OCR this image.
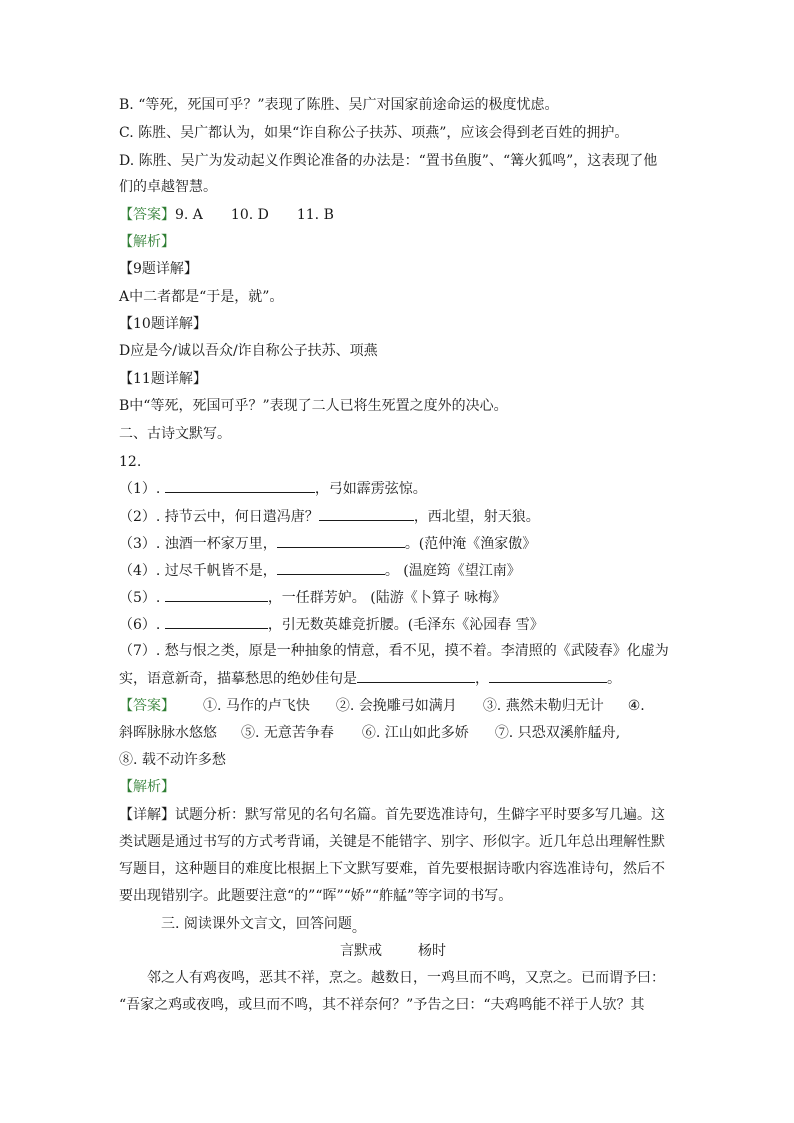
B. “等死，死国可乎？”表现了陈胜、吴广对国家前途命运的极度忧虑。
C. 陈胜、吴广都认为，如果“诈自称公子扶苏、项燕”，应该会得到老百姓的拥护。
D. 陈胜、吴广为发动起义作舆论准备的办法是：“置书鱼腹”、“篝火狐鸣”，这表现了他
们的卓越智慧。
【答案】9. A　　10. D　　11. B
【解析】
【9题详解】
A中二者都是“于是，就”。
【10题详解】
D应是今/诚以吾众/诈自称公子扶苏、项燕
【11题详解】
B中“等死，死国可乎？”表现了二人已将生死置之度外的决心。
二、古诗文默写。
12.
（1）.	，弓如霹雳弦惊。
（2）. 持节云中，何日遣冯唐？	，西北望，射天狼。
（3）. 浊酒一杯家万里，	。(范仲淹《渔家傲》
（4）. 过尽千帆皆不是，	。 (温庭筠《望江南》
（5）.	，一任群芳妒。 (陆游《卜算子 咏梅》
（6）.	，引无数英雄竞折腰。(毛泽东《沁园春 雪》
（7）. 愁与恨之类，原是一种抽象的情意，看不见，摸不着。李清照的《武陵春》化虚为
实，语意新奇，描摹愁思的绝妙佳句是	，	。
【答案】 ①. 马作的卢飞快 ②. 会挽雕弓如满月 ③. 燕然未勒归无计 ④.
斜晖脉脉水悠悠 ⑤. 无意苦争春 ⑥. 江山如此多娇 ⑦. 只恐双溪舴艋舟,
⑧. 载不动许多愁
【解析】
【详解】试题分析：默写常见的名句名篇。首先要选准诗句，生僻字平时要多写几遍。这
类试题是通过书写的方式考背诵，关键是不能错字、别字、形似字。近几年总出理解性默
写题目，这种题目的难度比根据上下文默写要难，首先要根据诗歌内容选准诗句，然后不
要出现错别字。此题要注意“的”“晖”“娇”“舴艋”等字词的书写。
三. 阅读课外文言文，回答问题。
言默戒	杨时
邻之人有鸡夜鸣，恶其不祥，烹之。越数日，一鸡旦而不鸣，又烹之。已而谓予曰：
“吾家之鸡或夜鸣，或旦而不鸣，其不祥奈何？”予告之曰：“夫鸡鸣能不祥于人欤？其
